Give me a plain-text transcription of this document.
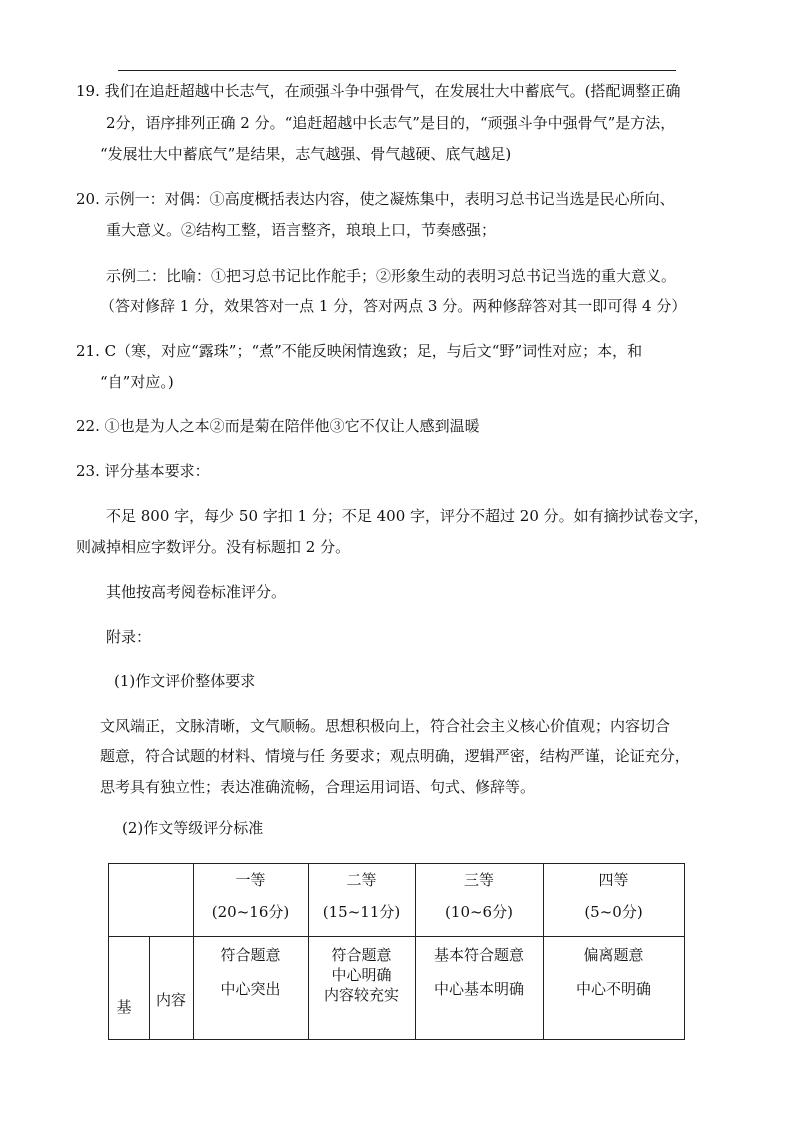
19. 我们在追赶超越中长志气，在顽强斗争中强骨气，在发展壮大中蓄底气。(搭配调整正确
2分，语序排列正确 2 分。“追赶超越中长志气”是目的，“顽强斗争中强骨气”是方法，
“发展壮大中蓄底气”是结果，志气越强、骨气越硬、底气越足)
20. 示例一：对偶：①高度概括表达内容，使之凝炼集中，表明习总书记当选是民心所向、
重大意义。②结构工整，语言整齐，琅琅上口，节奏感强；
示例二：比喻：①把习总书记比作舵手；②形象生动的表明习总书记当选的重大意义。
（答对修辞 1 分，效果答对一点 1 分，答对两点 3 分。两种修辞答对其一即可得 4 分）
21. C（寒，对应“露珠”；“煮”不能反映闲情逸致；足，与后文“野”词性对应；本，和
“自”对应。)
22. ①也是为人之本②而是菊在陪伴他③它不仅让人感到温暖
23. 评分基本要求：
不足 800 字，每少 50 字扣 1 分；不足 400 字，评分不超过 20 分。如有摘抄试卷文字，
则减掉相应字数评分。没有标题扣 2 分。
其他按高考阅卷标准评分。
附录：
(1)作文评价整体要求
文风端正，文脉清晰，文气顺畅。思想积极向上，符合社会主义核心价值观；内容切合
题意，符合试题的材料、情境与任 务要求；观点明确，逻辑严密，结构严谨，论证充分，
思考具有独立性；表达准确流畅，合理运用词语、句式、修辞等。
(2)作文等级评分标准
一等
(20~16分)
二等
(15~11分)
三等
(10~6分)
四等
(5~0分)
基	内容
符合题意
中心突出
符合题意
中心明确
内容较充实
基本符合题意
中心基本明确
偏离题意
中心不明确
